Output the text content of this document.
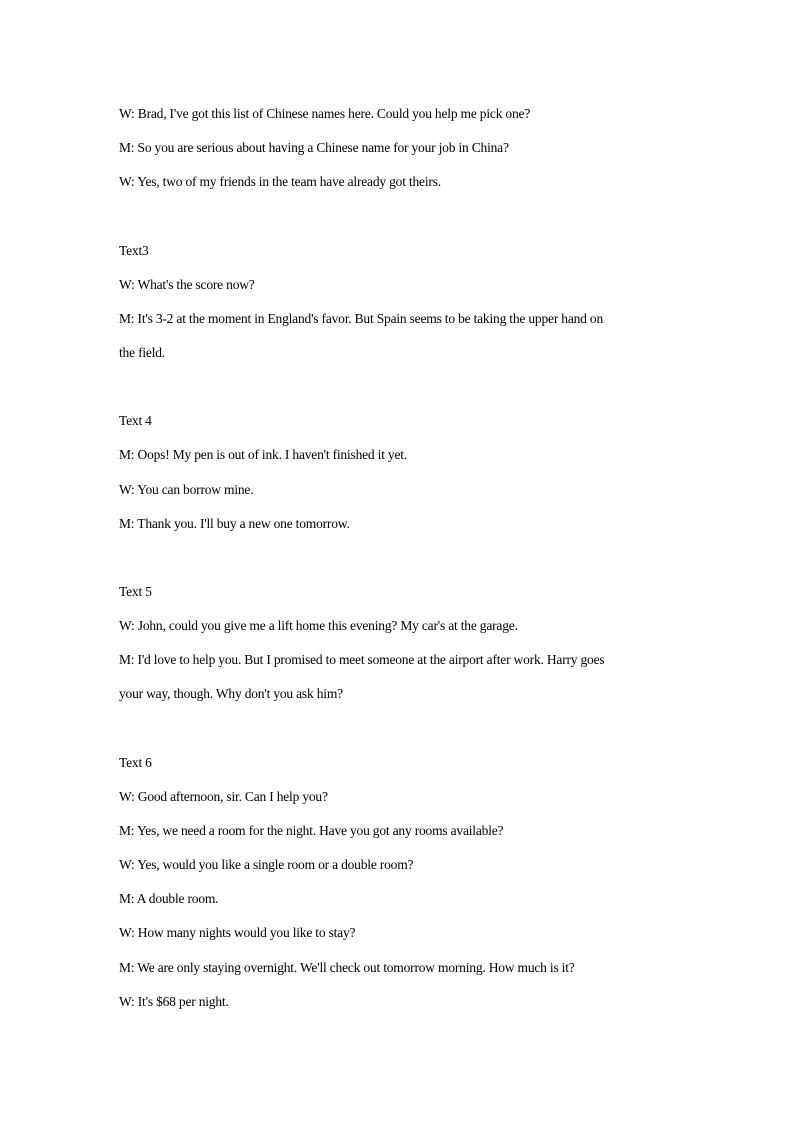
W: Brad, I've got this list of Chinese names here. Could you help me pick one?
M: So you are serious about having a Chinese name for your job in China?
W: Yes, two of my friends in the team have already got theirs.
Text3
W: What's the score now?
M: It's 3-2 at the moment in England's favor. But Spain seems to be taking the upper hand on
the field.
Text 4
M: Oops! My pen is out of ink. I haven't finished it yet.
W: You can borrow mine.
M: Thank you. I'll buy a new one tomorrow.
Text 5
W: John, could you give me a lift home this evening? My car's at the garage.
M: I'd love to help you. But I promised to meet someone at the airport after work. Harry goes
your way, though. Why don't you ask him?
Text 6
W: Good afternoon, sir. Can I help you?
M: Yes, we need a room for the night. Have you got any rooms available?
W: Yes, would you like a single room or a double room?
M: A double room.
W: How many nights would you like to stay?
M: We are only staying overnight. We'll check out tomorrow morning. How much is it?
W: It's $68 per night.
